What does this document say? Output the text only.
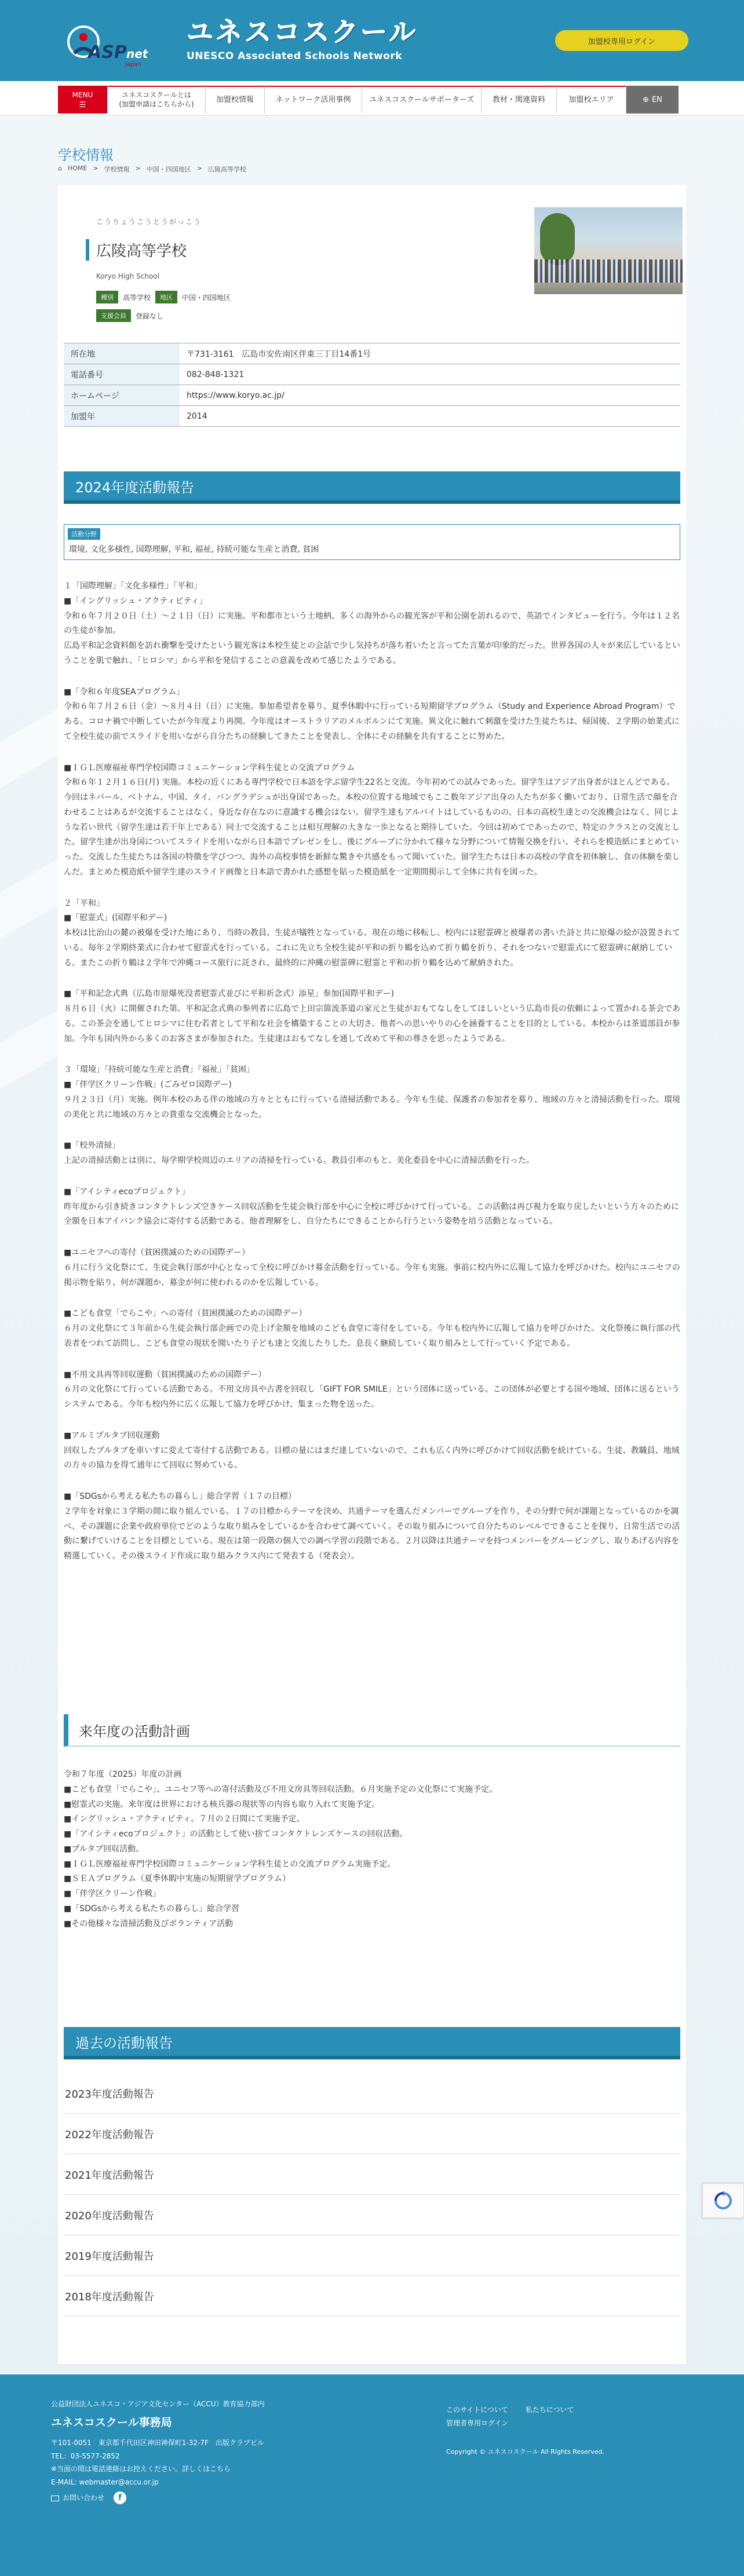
ASP net
Japan
ユネスコスクール
UNESCO Associated Schools Network
加盟校専用ログイン
MENU
☰
ユネスコスクールとは
(加盟申請はこちらから)
加盟校情報	ネットワーク活用事例	ユネスコスクールサポーターズ	教材・関連資料	加盟校エリア	⊕ EN
学校情報
⌂ HOME > 学校情報 > 中国・四国地区 > 広陵高等学校
こうりょうこうとうがっこう
広陵高等学校
Koryo High School
種別	高等学校	地区	中国・四国地区
支援会員	登録なし
所在地	〒731-3161　広島市安佐南区伴東三丁目14番1号
電話番号	082-848-1321
ホームページ	https://www.koryo.ac.jp/
加盟年	2014
2024年度活動報告
活動分野
環境, 文化多様性, 国際理解, 平和, 福祉, 持続可能な生産と消費, 貧困

１「国際理解」「文化多様性」「平和」
■「イングリッシュ・アクティビティ」
令和６年７月２０日（土）～２１日（日）に実施。平和都市という土地柄、多くの海外からの観光客が平和公園を訪れるので、英語でインタビューを行う。今年は１２名の生徒が参加。
広島平和記念資料館を訪れ衝撃を受けたという観光客は本校生徒との会話で少し気持ちが落ち着いたと言ってた言葉が印象的だった。世界各国の人々が来広しているということを肌で触れ、「ヒロシマ」から平和を発信することの意義を改めて感じたようである。

■「令和６年度SEAプログラム」
令和６年７月２６日（金）～８月４日（日）に実施。参加希望者を募り、夏季休暇中に行っている短期留学プログラム（Study and Experience Abroad Program）である。コロナ禍で中断していたが今年度より再開。今年度はオーストラリアのメルボルンにて実施。異文化に触れて刺激を受けた生徒たちは、帰国後、２学期の始業式にて全校生徒の前でスライドを用いながら自分たちの経験してきたことを発表し、全体にその経験を共有することに努めた。

■ＩＧＬ医療福祉専門学校国際コミュニケーション学科生徒との交流プログラム
令和６年１２月１６日(月) 実施。本校の近くにある専門学校で日本語を学ぶ留学生22名と交流。今年初めての試みであった。留学生はアジア出身者がほとんどである。今回はネパール、ベトナム、中国、タイ、バングラデシュが出身国であった。本校の位置する地域でもここ数年アジア出身の人たちが多く働いており、日常生活で顔を合わせることはあるが交流することはなく、身近な存在なのに意識する機会はない。留学生達もアルバイトはしているものの、日本の高校生達との交流機会はなく、同じような若い世代（留学生達は若干年上である）同士で交流することは相互理解の大きな一歩となると期待していた。今回は初めてであったので、特定のクラスとの交流とした。留学生達が出身国についてスライドを用いながら日本語でプレゼンをし、後にグループに分かれて様々な分野について情報交換を行い、それらを模造紙にまとめていった。交流した生徒たちは各国の特徴を学びつつ、海外の高校事情を新鮮な驚きや共感をもって聞いていた。留学生たちは日本の高校の学食を初体験し、食の体験を楽しんだ。まとめた模造紙や留学生達のスライド画像と日本語で書かれた感想を貼った模造紙を一定期間掲示して全体に共有を図った。

２「平和」
■「慰霊式」(国際平和デー)
本校は比治山の麓の被爆を受けた地にあり、当時の教員、生徒が犠牲となっている。現在の地に移転し、校内には慰霊碑と被爆者の書いた詩と共に原爆の絵が設置されている。毎年２学期終業式に合わせて慰霊式を行っている。これに先立ち全校生徒が平和の折り鶴を込めて折り鶴を折り、それをつないで慰霊式にて慰霊碑に献納している。またこの折り鶴は２学年で沖縄コース旅行に託され、最終的に沖縄の慰霊碑に慰霊と平和の折り鶴を込めて献納された。

■「平和記念式典（広島市原爆死没者慰霊式並びに平和祈念式）添星」参加(国際平和デー)
８月６日（火）に開催された第。平和記念式典の参列者に広島で上田宗箇流茶道の家元と生徒がおもてなしをしてほしいという広島市長の依頼によって置かれる茶会である。この茶会を通してヒロシマに住む若者として平和な社会を構築することの大切さ、他者への思いやりの心を涵養することを目的としている。本校からは茶道部員が参加。今年も国内外から多くのお客さまが参加された。生徒達はおもてなしを通して改めて平和の尊さを思ったようである。

３「環境」「持続可能な生産と消費」「福祉」「貧困」
■「伴学区クリーン作戦」(ごみゼロ国際デー)
９月２３日（月）実施。例年本校のある伴の地域の方々とともに行っている清掃活動である。今年も生徒、保護者の参加者を募り、地域の方々と清掃活動を行った。環境の美化と共に地域の方々との貴重な交流機会となった。

■「校外清掃」
上記の清掃活動とは別に、毎学期学校周辺のエリアの清掃を行っている。教員引率のもと、美化委員を中心に清掃活動を行った。

■「アイシティecoプロジェクト」
昨年度から引き続きコンタクトレンズ空きケース回収活動を生徒会執行部を中心に全校に呼びかけて行っている。この活動は再び視力を取り戻したいという方々のために全額を日本アイバンク協会に寄付する活動である。他者理解をし、自分たちにできることから行うという姿勢を培う活動となっている。

■ユニセフへの寄付（貧困撲滅のための国際デー）
６月に行う文化祭にて、生徒会執行部が中心となって全校に呼びかけ募金活動を行っている。今年も実施。事前に校内外に広報して協力を呼びかけた。校内にユニセフの掲示物を貼り、何が課題か、募金が何に使われるのかを広報している。

■こども食堂「でらこや」への寄付（貧困撲滅のための国際デー）
６月の文化祭にて３年前から生徒会執行部企画での売上げ金額を地域のこども食堂に寄付をしている。今年も校内外に広報して協力を呼びかけた。文化祭後に執行部の代表者をつれて訪問し、こども食堂の現状を聞いたり子ども達と交流したりした。息長く継続していく取り組みとして行っていく予定である。

■不用文具再等回収運動（貧困撲滅のための国際デー）
６月の文化祭にて行っている活動である。不用文房具や古書を回収し「GIFT FOR SMILE」という団体に送っている。この団体が必要とする国や地域、団体に送るというシステムである。今年も校内外に広く広報して協力を呼びかけ、集まった物を送った。

■アルミプルタブ回収運動
回収したプルタブを車いすに変えて寄付する活動である。目標の量にはまだ達していないので、これも広く内外に呼びかけて回収活動を続けている。生徒、教職員、地域の方々の協力を得て通年にて回収に努めている。

■「SDGsから考える私たちの暮らし」総合学習（１７の目標）
２学年を対象に３学期の間に取り組んでいる。１７の目標からテーマを決め、共通テーマを選んだメンバーでグループを作り、その分野で何が課題となっているのかを調べ、その課題に企業や政府単位でどのような取り組みをしているかを合わせて調べていく。その取り組みについて自分たちのレベルでできることを探り、日常生活での活動に繋げていけることを目標としている。現在は第一段階の個人での調べ学習の段階である。２月以降は共通テーマを持つメンバーをグルーピングし、取りあげる内容を精選していく。その後スライド作成に取り組みクラス内にて発表する（発表会）。

来年度の活動計画
令和７年度（2025）年度の計画
■こども食堂「でらこや」、ユニセフ等への寄付活動及び不用文房具等回収活動。６月実施予定の文化祭にて実施予定。
■慰霊式の実施。来年度は世界における核兵器の現状等の内容も取り入れて実施予定。
■イングリッシュ・アクティビティ。７月の２日間にて実施予定。
■「アイシティecoプロジェクト」の活動として使い捨てコンタクトレンズケースの回収活動。
■プルタブ回収活動。
■ＩＧＬ医療福祉専門学校国際コミュニケーション学科生徒との交流プログラム実施予定。
■ＳＥＡプログラム（夏季休暇中実施の短期留学プログラム）
■「伴学区クリーン作戦」
■「SDGsから考える私たちの暮らし」総合学習
■その他様々な清掃活動及びボランティア活動
過去の活動報告
2023年度活動報告
2022年度活動報告
2021年度活動報告
2020年度活動報告
2019年度活動報告
2018年度活動報告
公益財団法人ユネスコ・アジア文化センター（ACCU）教育協力部内
ユネスコスクール事務局
〒101-0051　東京都千代田区神田神保町1-32-7F　出版クラブビル
TEL：03-5577-2852
※当面の間は電話連絡はお控えください。詳しくはこちら
E-MAIL: webmaster@accu.or.jp
お問い合わせ	f
このサイトについて	私たちについて
管理者専用ログイン
Copyright © ユネスコスクール All Rights Reserved.
